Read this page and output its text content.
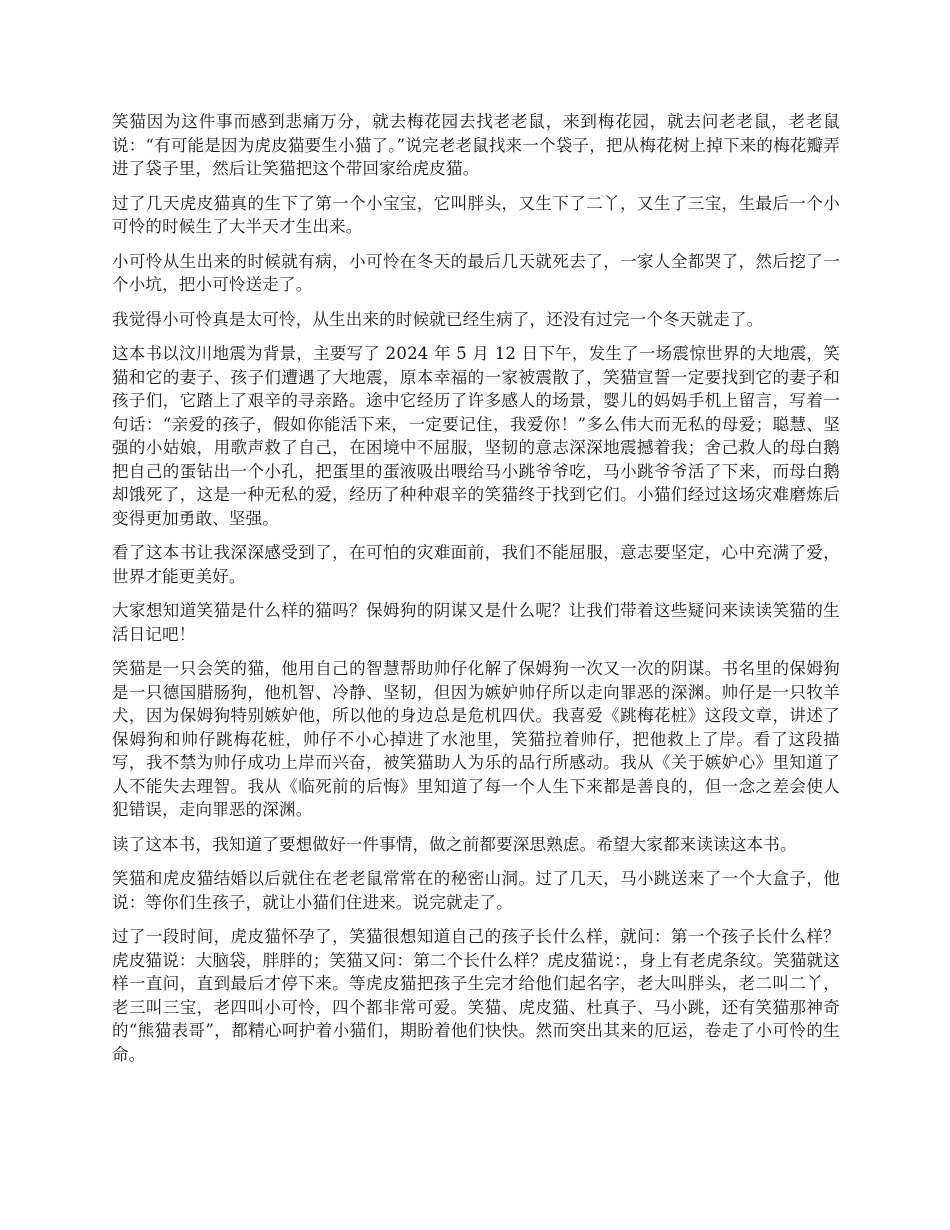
笑猫因为这件事而感到悲痛万分，就去梅花园去找老老鼠，来到梅花园，就去问老老鼠，老老鼠说：“有可能是因为虎皮猫要生小猫了。”说完老老鼠找来一个袋子，把从梅花树上掉下来的梅花瓣弄进了袋子里，然后让笑猫把这个带回家给虎皮猫。

过了几天虎皮猫真的生下了第一个小宝宝，它叫胖头，又生下了二丫，又生了三宝，生最后一个小可怜的时候生了大半天才生出来。

小可怜从生出来的时候就有病，小可怜在冬天的最后几天就死去了，一家人全都哭了，然后挖了一个小坑，把小可怜送走了。

我觉得小可怜真是太可怜，从生出来的时候就已经生病了，还没有过完一个冬天就走了。

这本书以汶川地震为背景，主要写了 2024 年 5 月 12 日下午，发生了一场震惊世界的大地震，笑猫和它的妻子、孩子们遭遇了大地震，原本幸福的一家被震散了，笑猫宣誓一定要找到它的妻子和孩子们，它踏上了艰辛的寻亲路。途中它经历了许多感人的场景，婴儿的妈妈手机上留言，写着一句话：“亲爱的孩子，假如你能活下来，一定要记住，我爱你！”多么伟大而无私的母爱；聪慧、坚强的小姑娘，用歌声救了自己，在困境中不屈服，坚韧的意志深深地震撼着我；舍己救人的母白鹅把自己的蛋钻出一个小孔，把蛋里的蛋液吸出喂给马小跳爷爷吃，马小跳爷爷活了下来，而母白鹅却饿死了，这是一种无私的爱，经历了种种艰辛的笑猫终于找到它们。小猫们经过这场灾难磨炼后变得更加勇敢、坚强。

看了这本书让我深深感受到了，在可怕的灾难面前，我们不能屈服，意志要坚定，心中充满了爱，世界才能更美好。

大家想知道笑猫是什么样的猫吗？保姆狗的阴谋又是什么呢？让我们带着这些疑问来读读笑猫的生活日记吧！

笑猫是一只会笑的猫，他用自己的智慧帮助帅仔化解了保姆狗一次又一次的阴谋。书名里的保姆狗是一只德国腊肠狗，他机智、冷静、坚韧，但因为嫉妒帅仔所以走向罪恶的深渊。帅仔是一只牧羊犬，因为保姆狗特别嫉妒他，所以他的身边总是危机四伏。我喜爱《跳梅花桩》这段文章，讲述了保姆狗和帅仔跳梅花桩，帅仔不小心掉进了水池里，笑猫拉着帅仔，把他救上了岸。看了这段描写，我不禁为帅仔成功上岸而兴奋，被笑猫助人为乐的品行所感动。我从《关于嫉妒心》里知道了人不能失去理智。我从《临死前的后悔》里知道了每一个人生下来都是善良的，但一念之差会使人犯错误，走向罪恶的深渊。

读了这本书，我知道了要想做好一件事情，做之前都要深思熟虑。希望大家都来读读这本书。

笑猫和虎皮猫结婚以后就住在老老鼠常常在的秘密山洞。过了几天，马小跳送来了一个大盒子，他说：等你们生孩子，就让小猫们住进来。说完就走了。

过了一段时间，虎皮猫怀孕了，笑猫很想知道自己的孩子长什么样，就问：第一个孩子长什么样？虎皮猫说：大脑袋，胖胖的；笑猫又问：第二个长什么样？虎皮猫说：，身上有老虎条纹。笑猫就这样一直问，直到最后才停下来。等虎皮猫把孩子生完才给他们起名字，老大叫胖头，老二叫二丫，老三叫三宝，老四叫小可怜，四个都非常可爱。笑猫、虎皮猫、杜真子、马小跳，还有笑猫那神奇的“熊猫表哥”，都精心呵护着小猫们，期盼着他们快快。然而突出其来的厄运，卷走了小可怜的生命。
